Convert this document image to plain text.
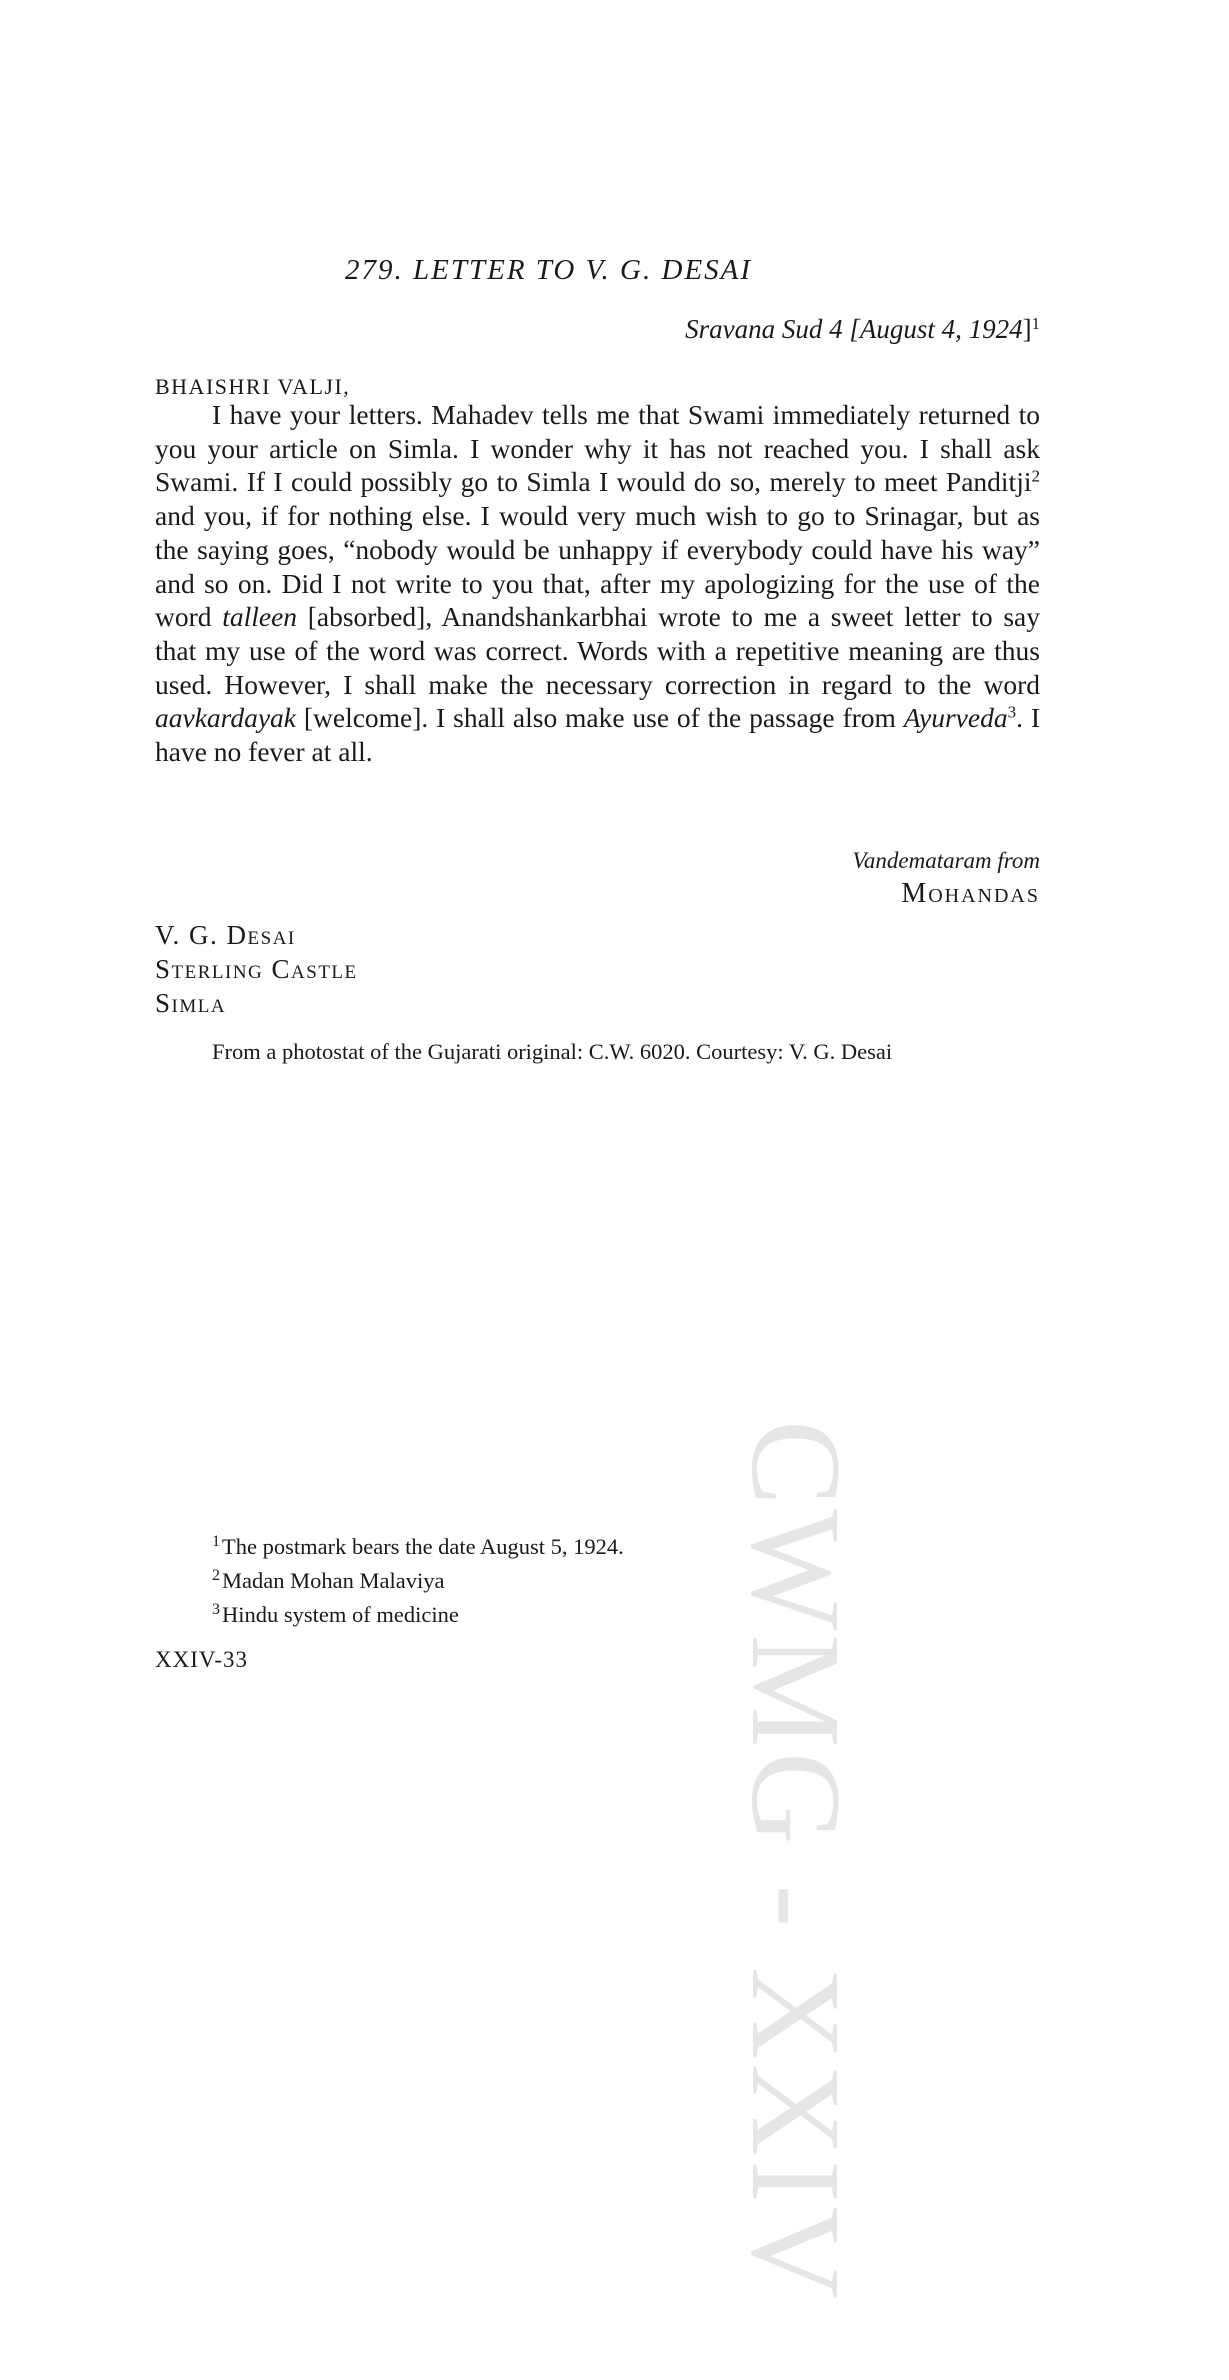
CWMG - XXIV
279. LETTER TO V. G. DESAI
Sravana Sud 4 [August 4, 1924]$^1$
BHAISHRI VALJI,

I have your letters. Mahadev tells me that Swami immediately returned to you your article on Simla. I wonder why it has not reached you. I shall ask Swami. If I could possibly go to Simla I would do so, merely to meet Panditji$^2$ and you, if for nothing else. I would very much wish to go to Srinagar, but as the saying goes, “nobody would be unhappy if everybody could have his way” and so on. Did I not write to you that, after my apologizing for the use of the word talleen [absorbed], Anandshankarbhai wrote to me a sweet letter to say that my use of the word was correct. Words with a repetitive meaning are thus used. However, I shall make the necessary correction in regard to the word aavkardayak [welcome]. I shall also make use of the passage from Ayurveda$^3$. I have no fever at all.

Vandemataram from
Mohandas
V. G. Desai
Sterling Castle
Simla

From a photostat of the Gujarati original: C.W. 6020. Courtesy: V. G. Desai

$^1$The postmark bears the date August 5, 1924.
$^2$Madan Mohan Malaviya
$^3$Hindu system of medicine
XXIV-33
